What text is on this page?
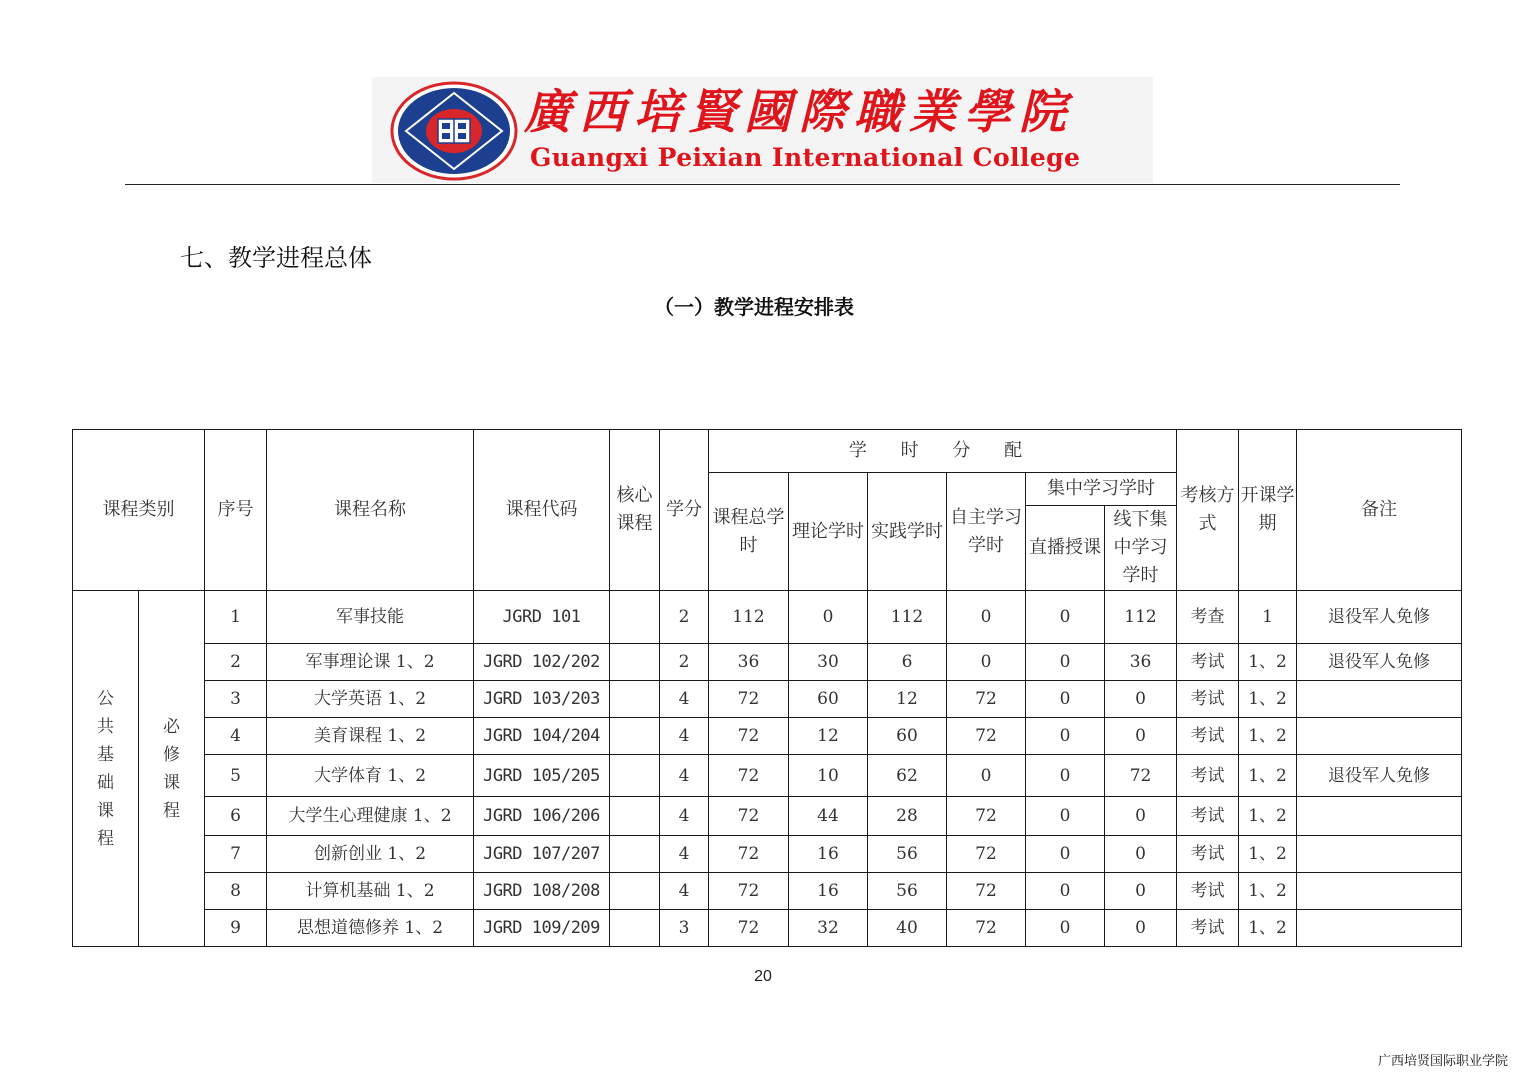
廣西培賢國際職業學院
Guangxi Peixian International College
七、教学进程总体
（一）教学进程安排表
课程类别		序号	课程名称	课程代码	核心课程	学分	学 时 分 配						考核方式	开课学期	备注
							课程总学时	理论学时	实践学时	自主学习学时	集中学习学时				
											直播授课	线下集中学习学时			

公共基础课程	必修课程	1	军事技能	JGRD 101		2	112	0	112	0	0	112	考查	1	退役军人免修
		2	军事理论课 1、2	JGRD 102/202		2	36	30	6	0	0	36	考试	1、2	退役军人免修
		3	大学英语 1、2	JGRD 103/203		4	72	60	12	72	0	0	考试	1、2	
		4	美育课程 1、2	JGRD 104/204		4	72	12	60	72	0	0	考试	1、2	
		5	大学体育 1、2	JGRD 105/205		4	72	10	62	0	0	72	考试	1、2	退役军人免修
		6	大学生心理健康 1、2	JGRD 106/206		4	72	44	28	72	0	0	考试	1、2	
		7	创新创业 1、2	JGRD 107/207		4	72	16	56	72	0	0	考试	1、2	
		8	计算机基础 1、2	JGRD 108/208		4	72	16	56	72	0	0	考试	1、2	
		9	思想道德修养 1、2	JGRD 109/209		3	72	32	40	72	0	0	考试	1、2	
20
广西培贤国际职业学院
